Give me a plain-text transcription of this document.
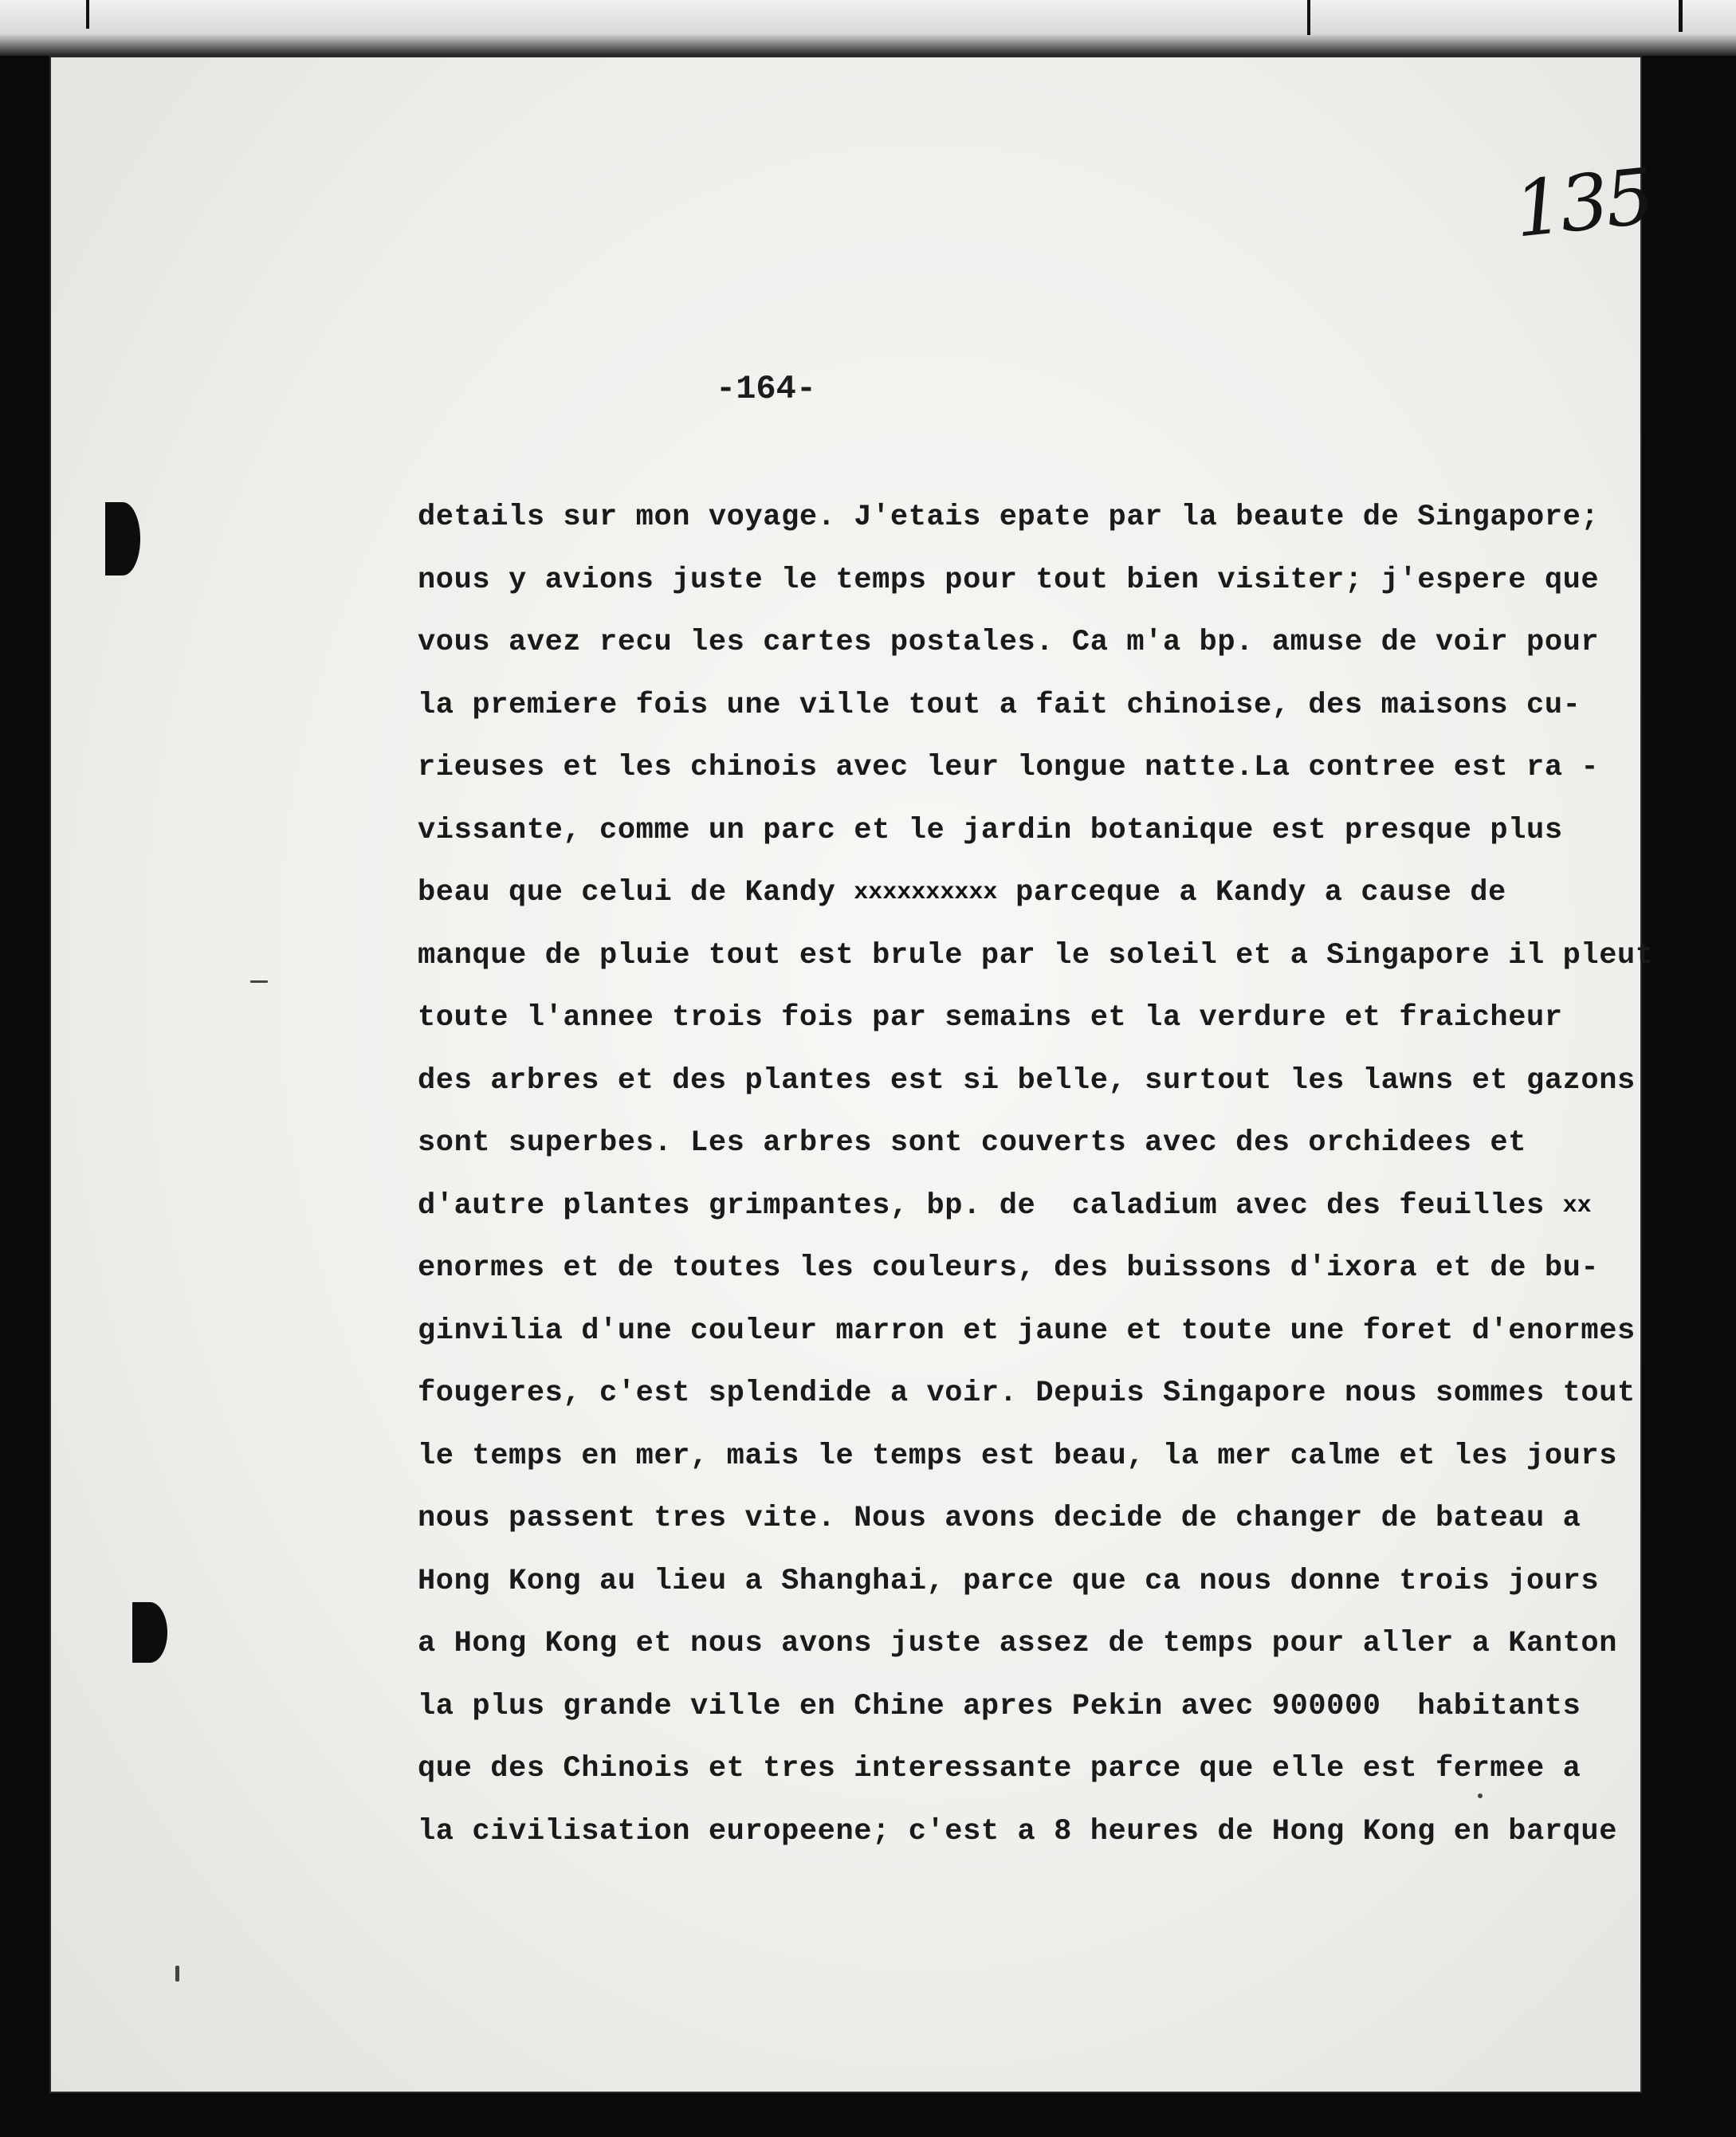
135
-164-
details sur mon voyage. J'etais epate par la beaute de Singapore;
nous y avions juste le temps pour tout bien visiter; j'espere que
vous avez recu les cartes postales. Ca m'a bp. amuse de voir pour
la premiere fois une ville tout a fait chinoise, des maisons cu-
rieuses et les chinois avec leur longue natte.La contree est ra -
vissante, comme un parc et le jardin botanique est presque plus
beau que celui de Kandy xxxxxxxxxx parceque a Kandy a cause de
manque de pluie tout est brule par le soleil et a Singapore il pleut
toute l'annee trois fois par semains et la verdure et fraicheur
des arbres et des plantes est si belle, surtout les lawns et gazons
sont superbes. Les arbres sont couverts avec des orchidees et
d'autre plantes grimpantes, bp. de  caladium avec des feuilles xx
enormes et de toutes les couleurs, des buissons d'ixora et de bu-
ginvilia d'une couleur marron et jaune et toute une foret d'enormes
fougeres, c'est splendide a voir. Depuis Singapore nous sommes tout
le temps en mer, mais le temps est beau, la mer calme et les jours
nous passent tres vite. Nous avons decide de changer de bateau a
Hong Kong au lieu a Shanghai, parce que ca nous donne trois jours
a Hong Kong et nous avons juste assez de temps pour aller a Kanton
la plus grande ville en Chine apres Pekin avec 900000  habitants
que des Chinois et tres interessante parce que elle est fermee a
la civilisation europeene; c'est a 8 heures de Hong Kong en barque
